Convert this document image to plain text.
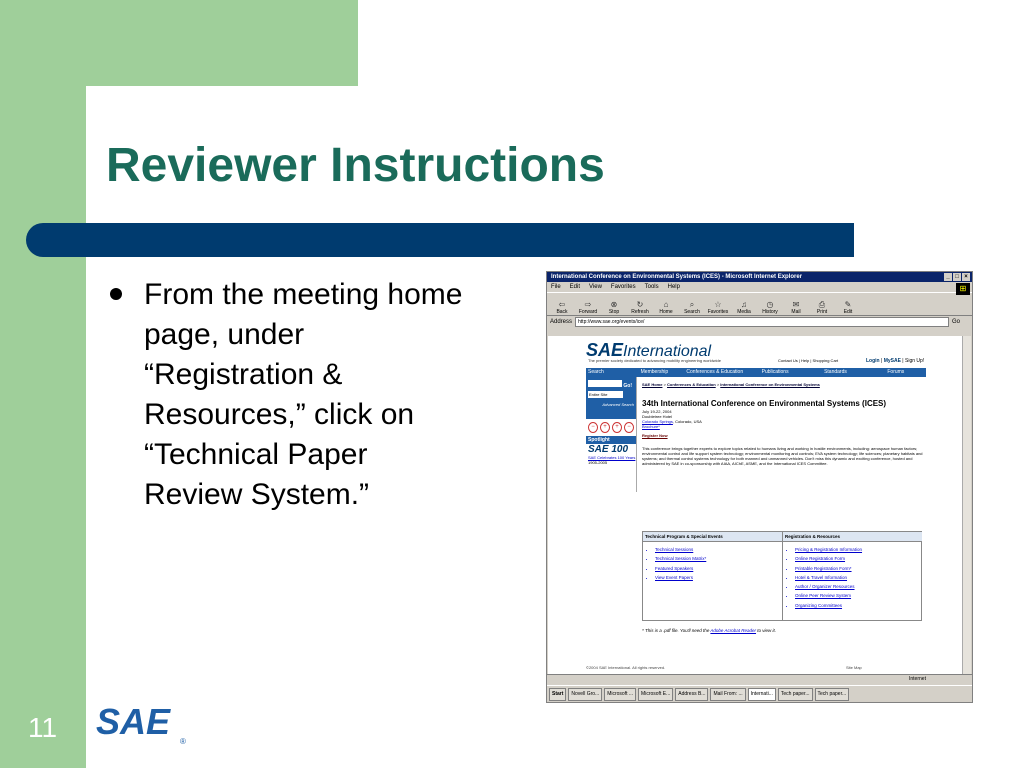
Reviewer Instructions
From the meeting home
page, under
“Registration &
Resources,” click on
“Technical Paper
Review System.”
11 SAE ®
International Conference on Environmental Systems (ICES) - Microsoft Internet Explorer	_ □ ×
File Edit View Favorites Tools Help	⊞
⇦
Back
⇨
Forward
⊗
Stop
↻
Refresh
⌂
Home
⌕
Search
☆
Favorites
♫
Media
◷
History
✉
Mail
⎙
Print
✎
Edit
Address	http://www.sae.org/events/ice/	Go
SAEInternational
The premier society dedicated to advancing mobility engineering worldwide	Contact Us | Help | Shopping Cart	Login | MySAE | Sign Up!
Search	Membership	Conferences & Education	Publications	Standards	Forums
Go!
Entire Site
Advanced Search
−	+	+	−
Spotlight
SAE 100
SAE Celebrates 100 Years
1905-2005
SAE Home > Conferences & Education > International Conference on Environmental Systems
34th International Conference on Environmental Systems (ICES)
July 19-22, 2004
Doubletree Hotel
Colorado Springs, Colorado, USA
Brochure*
Register Now
This conference brings together experts to explore topics related to humans living and working in hostile environments, including: aerospace human factors; environmental control and life support system technology; environmental monitoring and controls; EVA system technology; life sciences; planetary habitats and systems; and thermal control systems technology for both manned and unmanned vehicles. Don't miss this dynamic and exciting conference, hosted and administered by SAE in co-sponsorship with AIAA, AIChE, ASME, and the International ICES Committee.
Technical Program & Special Events
• Technical Sessions
• Technical Session Matrix*
• Featured Speakers
• View Event Papers
Registration & Resources
• Pricing & Registration Information
• Online Registration Form
• Printable Registration Form*
• Hotel & Travel Information
• Author / Organizer Resources
• Online Peer Review System
• Organizing Committees
* This is a .pdf file. You'll need the Adobe Acrobat Reader to view it.
©2004 SAE International. All rights reserved.	Site Map
Internet
Start	Novell Gro...	Microsoft ...	Microsoft E...	Address B...	Mail From: ...	Internati...	Tech paper...	Tech paper...
